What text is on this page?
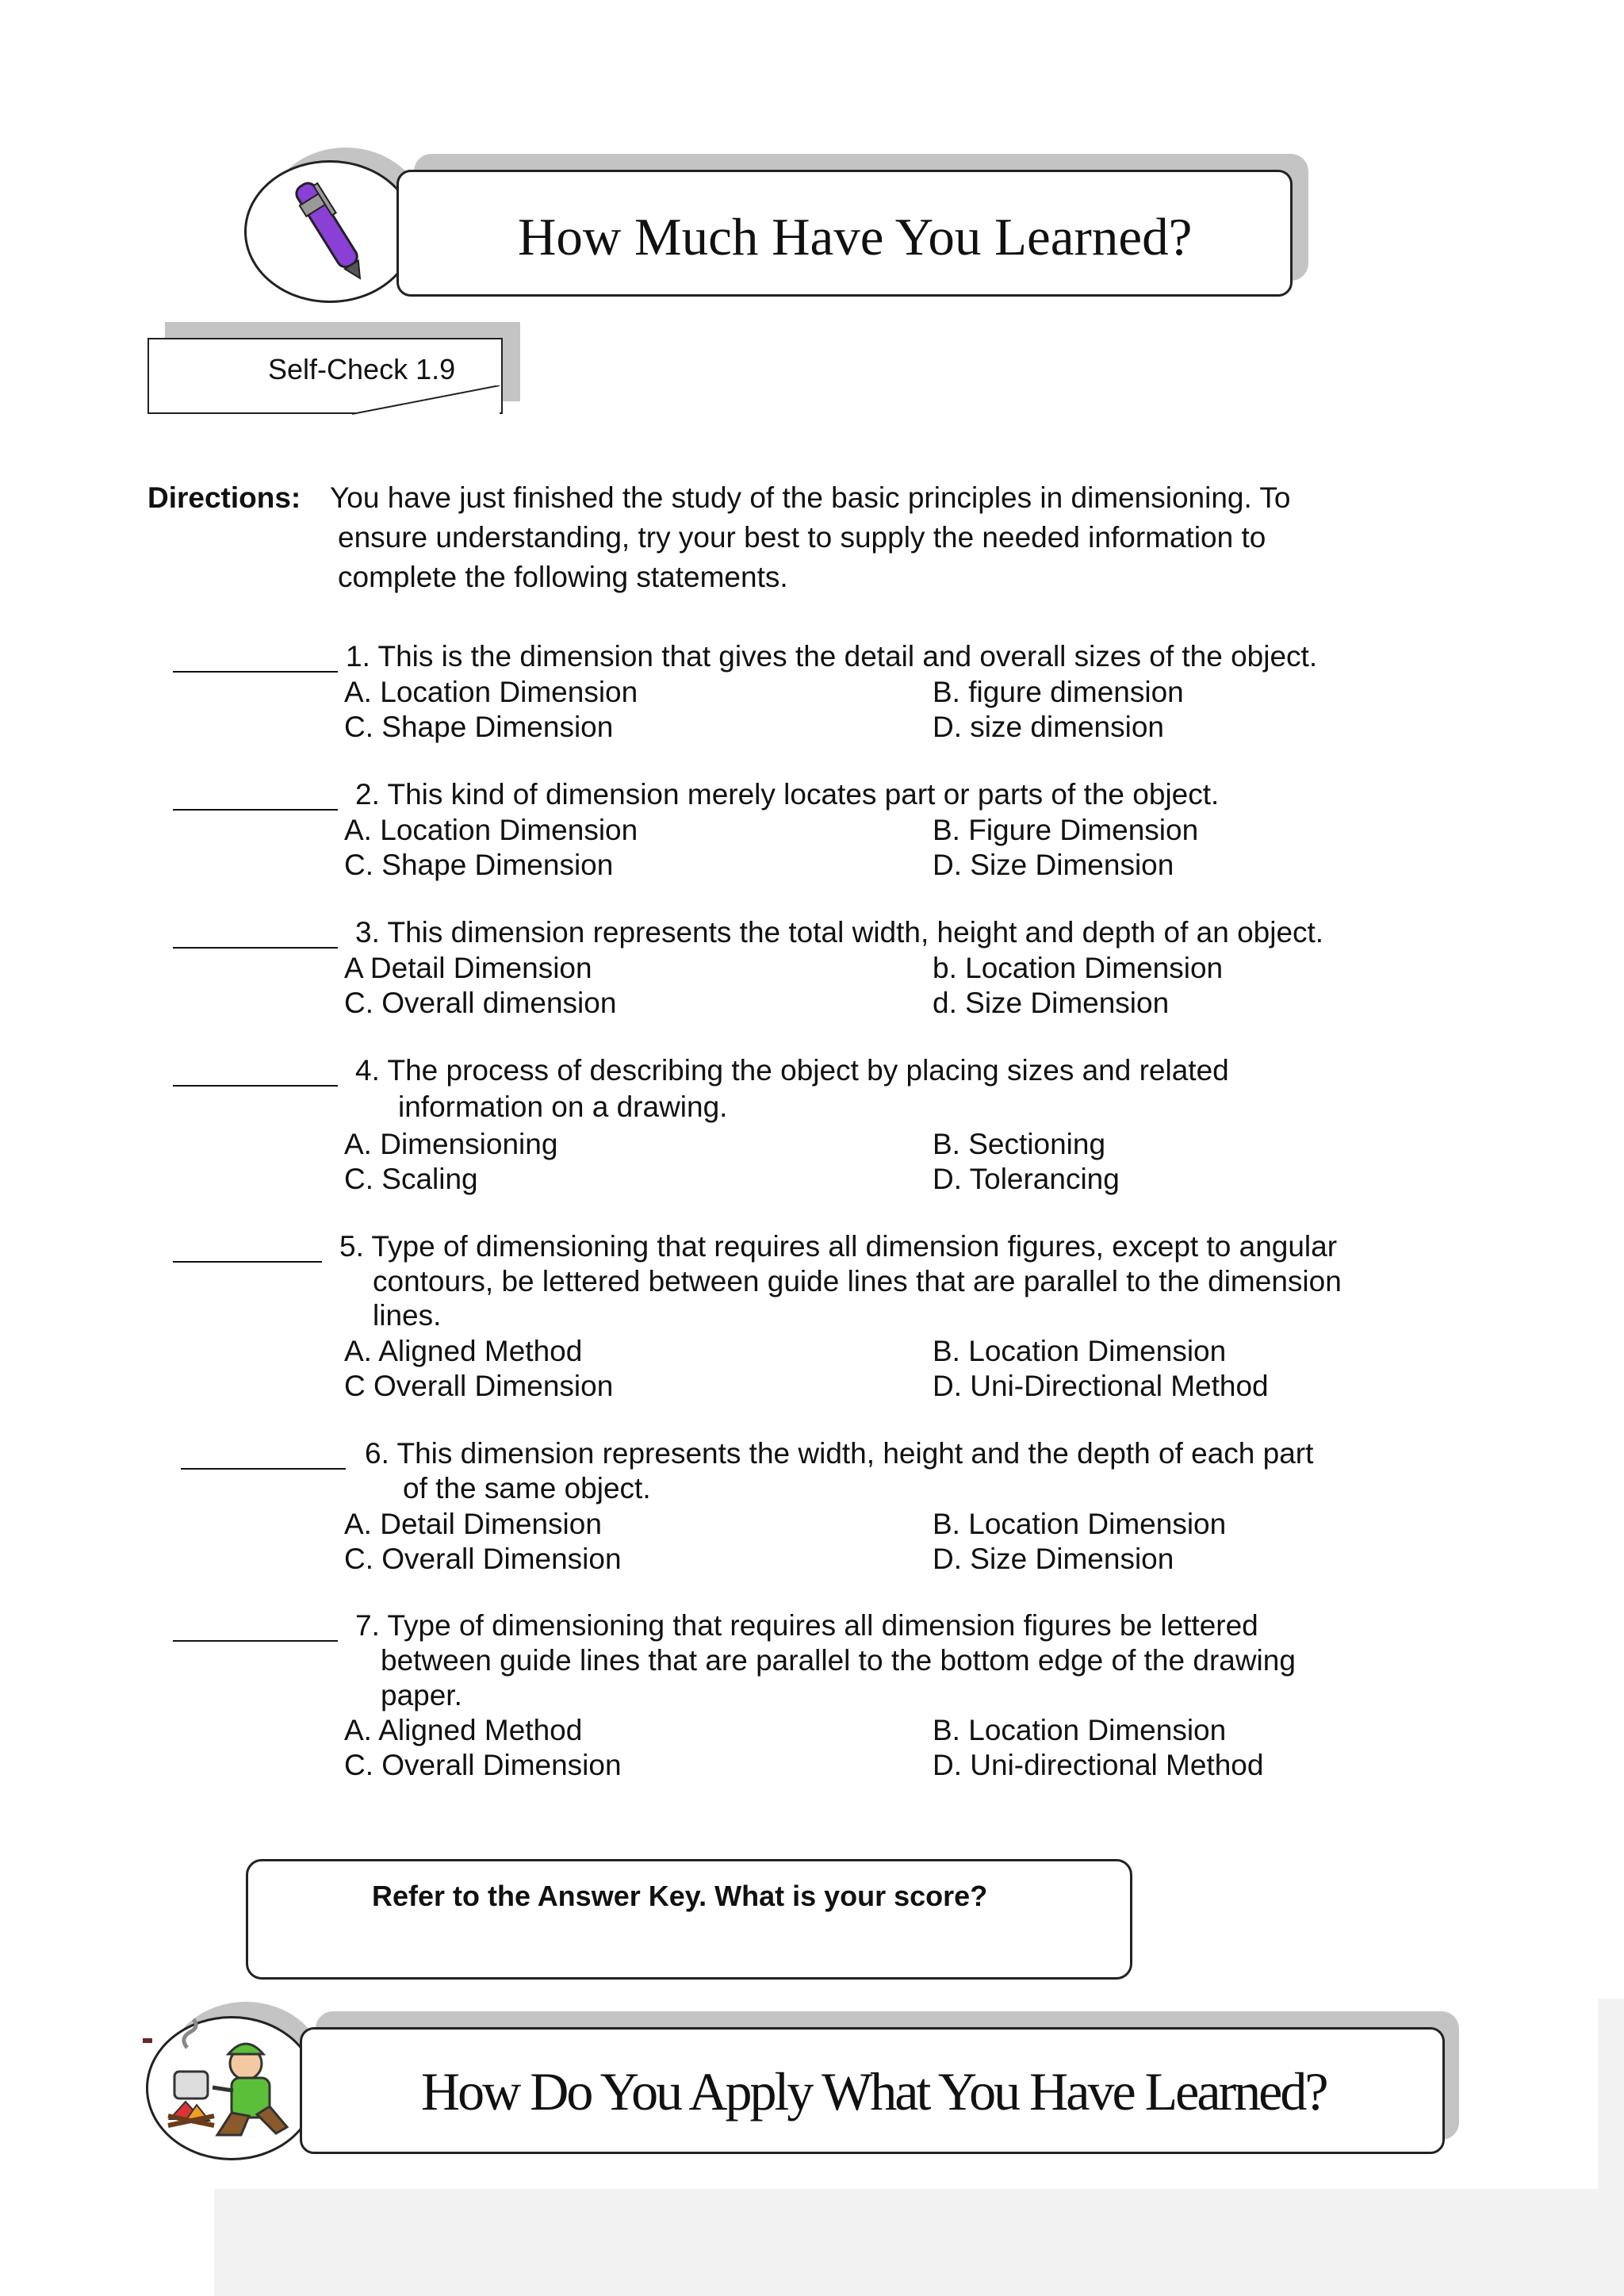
How Much Have You Learned?
Self-Check 1.9
Directions: You have just finished the study of the basic principles in dimensioning. To
ensure understanding, try your best to supply the needed information to
complete the following statements.
1. This is the dimension that gives the detail and overall sizes of the object.
A. Location Dimension	B. figure dimension
C. Shape Dimension	D. size dimension
2. This kind of dimension merely locates part or parts of the object.
A. Location Dimension	B. Figure Dimension
C. Shape Dimension	D. Size Dimension
3. This dimension represents the total width, height and depth of an object.
A Detail Dimension	b. Location Dimension
C. Overall dimension	d. Size Dimension
4. The process of describing the object by placing sizes and related
information on a drawing.
A. Dimensioning	B. Sectioning
C. Scaling	D. Tolerancing
5. Type of dimensioning that requires all dimension figures, except to angular
contours, be lettered between guide lines that are parallel to the dimension
lines.
A. Aligned Method	B. Location Dimension
C Overall Dimension	D. Uni-Directional Method
6. This dimension represents the width, height and the depth of each part
of the same object.
A. Detail Dimension	B. Location Dimension
C. Overall Dimension	D. Size Dimension
7. Type of dimensioning that requires all dimension figures be lettered
between guide lines that are parallel to the bottom edge of the drawing
paper.
A. Aligned Method	B. Location Dimension
C. Overall Dimension	D. Uni-directional Method
Refer to the Answer Key. What is your score?
How Do You Apply What You Have Learned?
